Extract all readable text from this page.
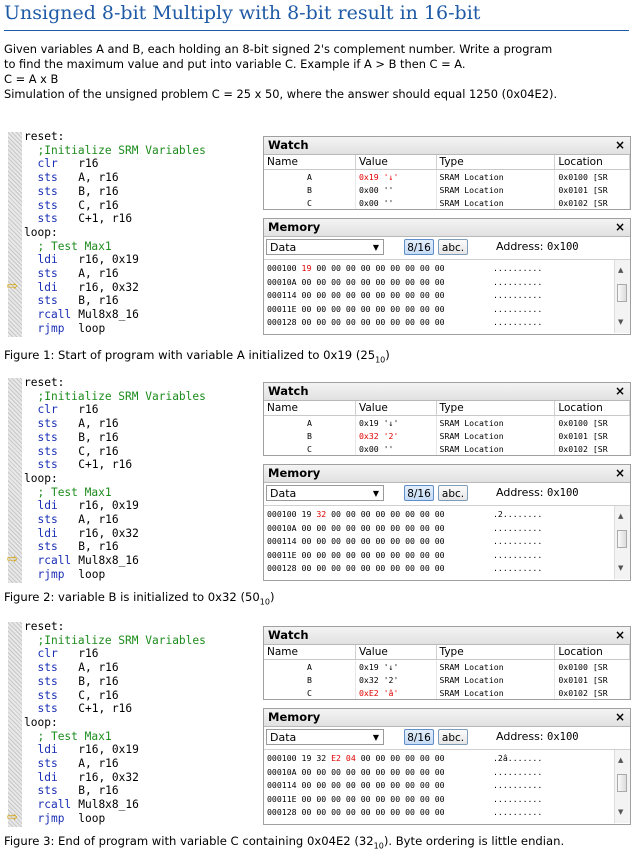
Unsigned 8-bit Multiply with 8-bit result in 16-bit
Given variables A and B, each holding an 8-bit signed 2's complement number. Write a program
to find the maximum value and put into variable C. Example if A > B then C = A.
C = A x B
Simulation of the unsigned problem C = 25 x 50, where the answer should equal 1250 (0x04E2).
reset:
;Initialize SRM Variables
clr r16
sts A, r16
sts B, r16
sts C, r16
sts C+1, r16
loop:
; Test Max1
ldi r16, 0x19
sts A, r16
ldi r16, 0x32
sts B, r16
rcall Mul8x8_16
rjmp loop
⇨
Watch	×
Name	Value	Type	Location
A	0x19 '↓'	SRAM Location	0x0100 [SR
B	0x00 ''	SRAM Location	0x0101 [SR
C	0x00 ''	SRAM Location	0x0102 [SR
Memory	×
Data	▼	8/16	abc.	Address: 0x100
000100 19 00 00 00 00 00 00 00 00 00	..........
00010A 00 00 00 00 00 00 00 00 00 00	..........
000114 00 00 00 00 00 00 00 00 00 00	..........
00011E 00 00 00 00 00 00 00 00 00 00	..........
000128 00 00 00 00 00 00 00 00 00 00	..........
▲
▼
Figure 1: Start of program with variable A initialized to 0x19 $(25_{10})$
reset:
;Initialize SRM Variables
clr r16
sts A, r16
sts B, r16
sts C, r16
sts C+1, r16
loop:
; Test Max1
ldi r16, 0x19
sts A, r16
ldi r16, 0x32
sts B, r16
rcall Mul8x8_16
rjmp loop
⇨
Watch	×
Name	Value	Type	Location
A	0x19 '↓'	SRAM Location	0x0100 [SR
B	0x32 '2'	SRAM Location	0x0101 [SR
C	0x00 ''	SRAM Location	0x0102 [SR
Memory	×
Data	▼	8/16	abc.	Address: 0x100
000100 19 32 00 00 00 00 00 00 00 00	.2........
00010A 00 00 00 00 00 00 00 00 00 00	..........
000114 00 00 00 00 00 00 00 00 00 00	..........
00011E 00 00 00 00 00 00 00 00 00 00	..........
000128 00 00 00 00 00 00 00 00 00 00	..........
▲
▼
Figure 2: variable B is initialized to 0x32 $(50_{10})$
reset:
;Initialize SRM Variables
clr r16
sts A, r16
sts B, r16
sts C, r16
sts C+1, r16
loop:
; Test Max1
ldi r16, 0x19
sts A, r16
ldi r16, 0x32
sts B, r16
rcall Mul8x8_16
rjmp loop
⇨
Watch	×
Name	Value	Type	Location
A	0x19 '↓'	SRAM Location	0x0100 [SR
B	0x32 '2'	SRAM Location	0x0101 [SR
C	0xE2 'â'	SRAM Location	0x0102 [SR
Memory	×
Data	▼	8/16	abc.	Address: 0x100
000100 19 32 E2 04 00 00 00 00 00 00	.2â.......
00010A 00 00 00 00 00 00 00 00 00 00	..........
000114 00 00 00 00 00 00 00 00 00 00	..........
00011E 00 00 00 00 00 00 00 00 00 00	..........
000128 00 00 00 00 00 00 00 00 00 00	..........
▲
▼
Figure 3: End of program with variable C containing 0x04E2 $(32_{10})$. Byte ordering is little endian.
